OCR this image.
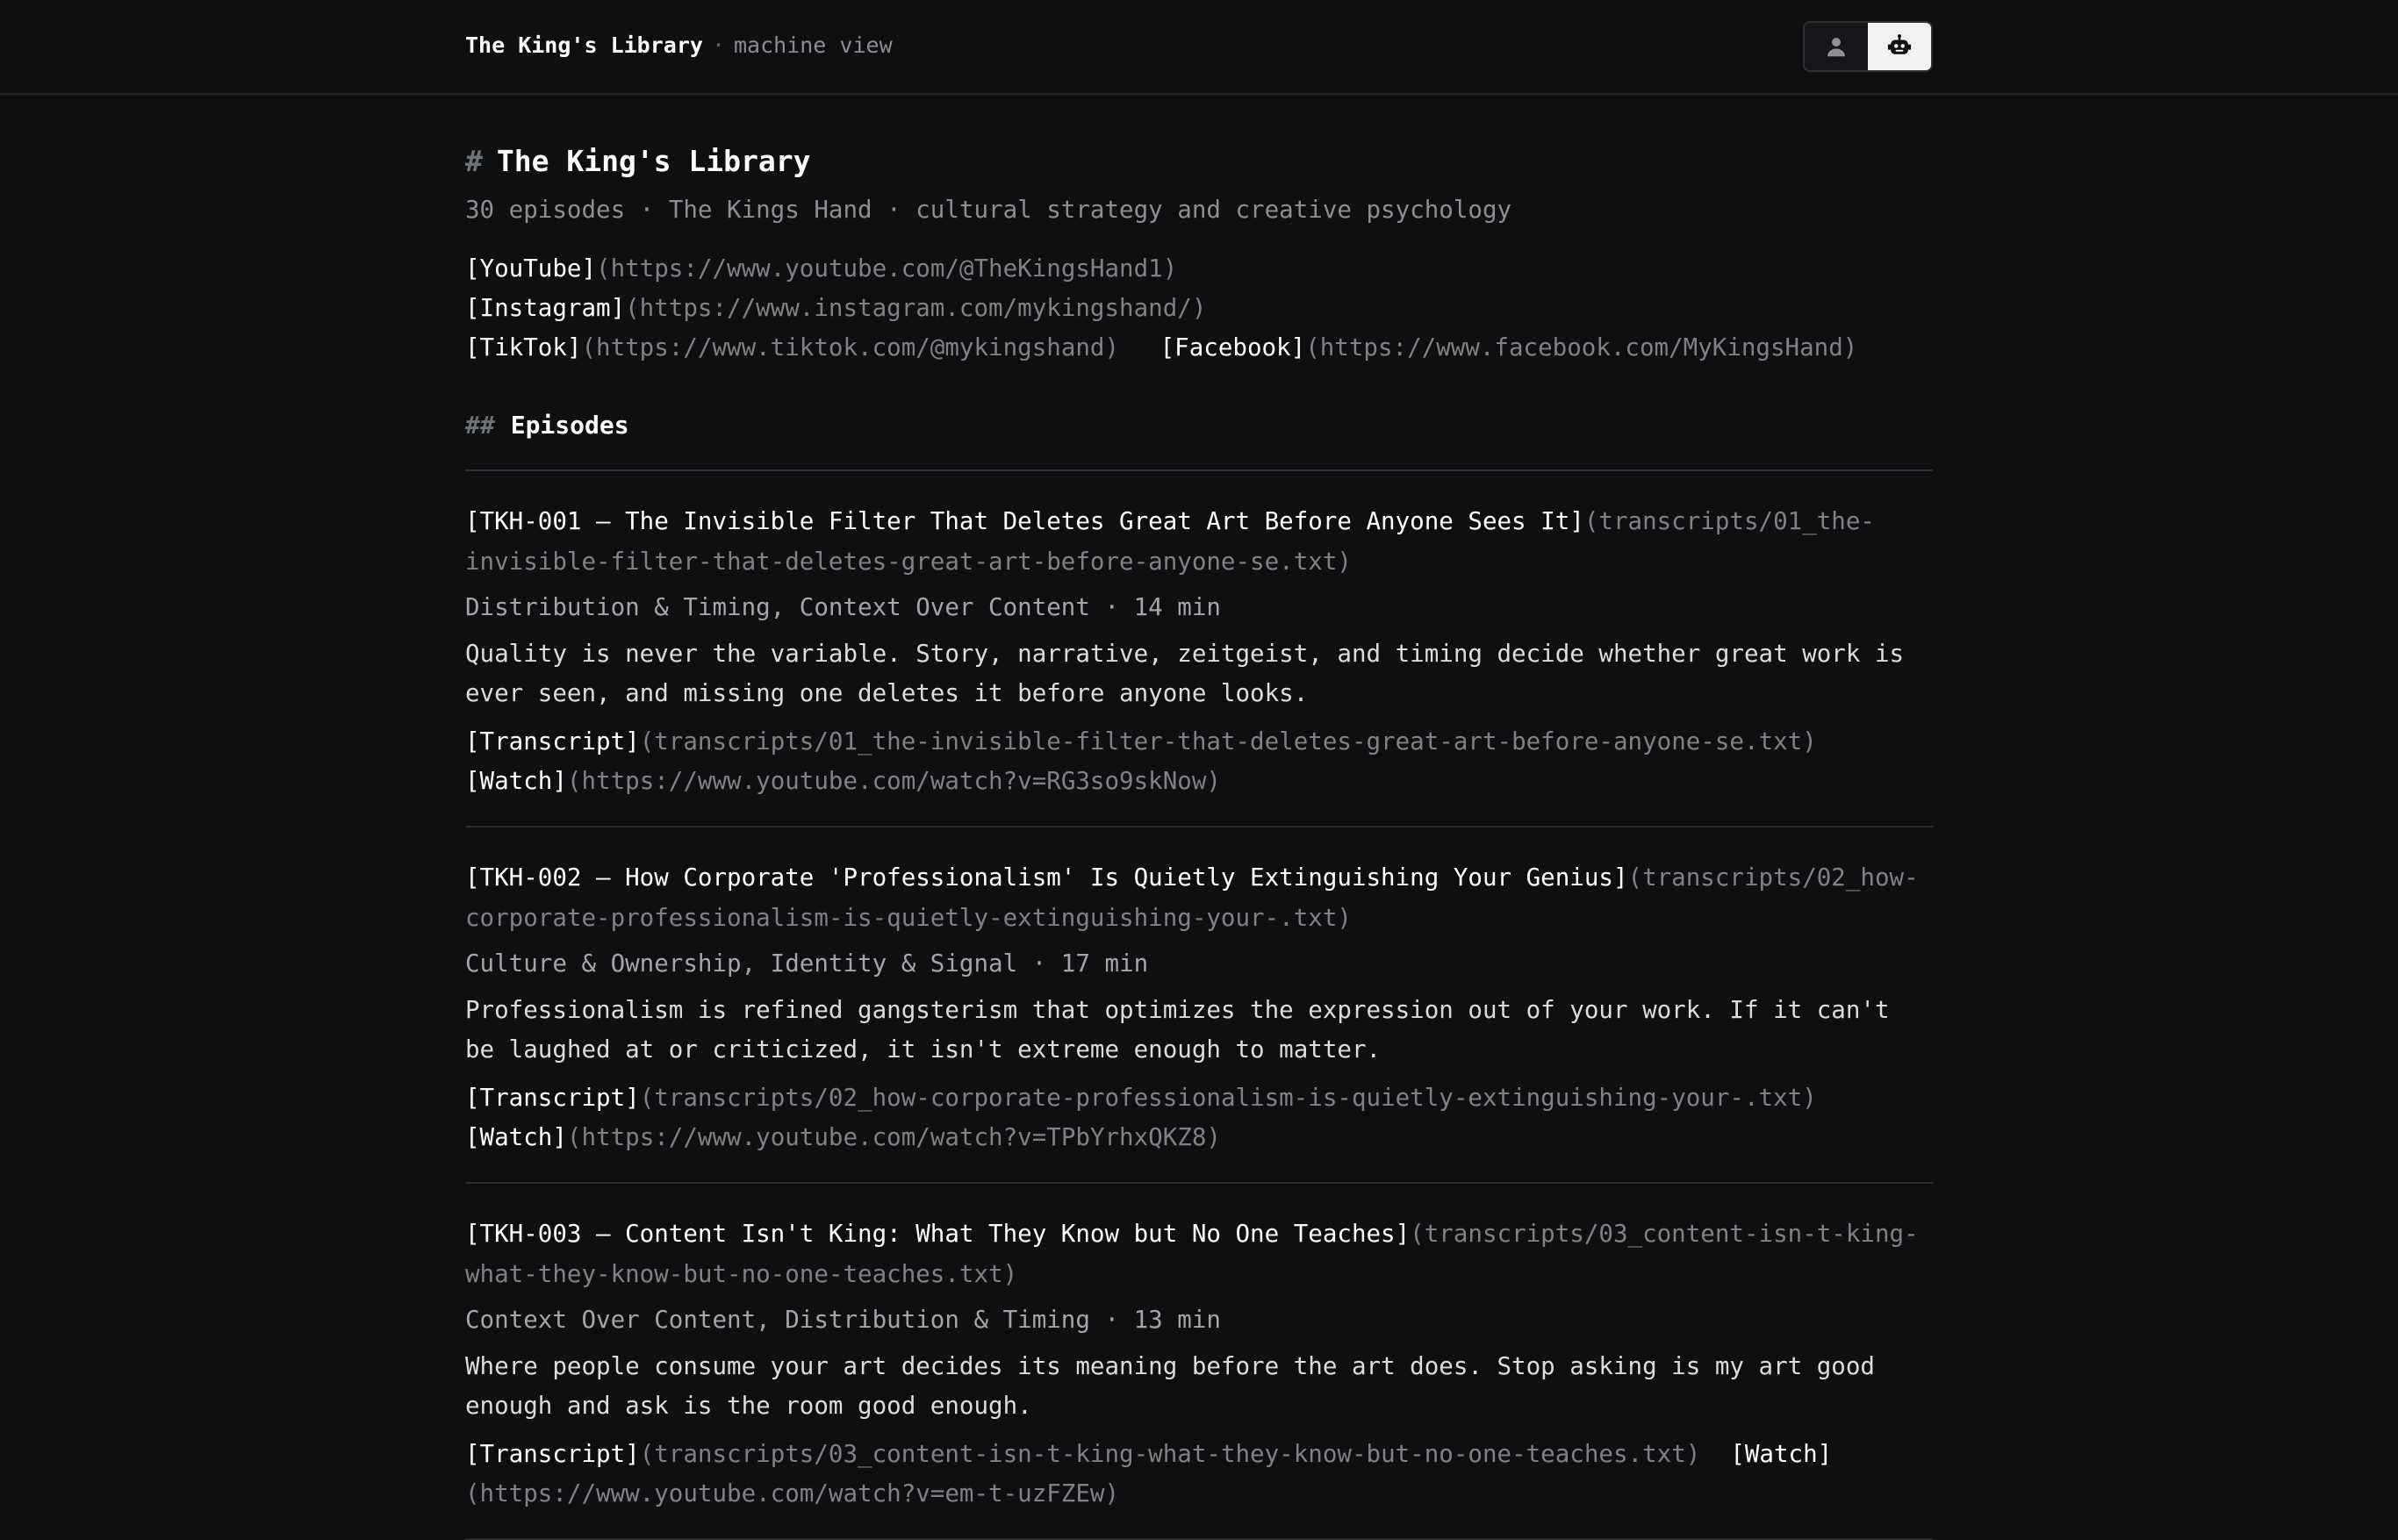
The King's Library · machine view
# The King's Library
30 episodes · The Kings Hand · cultural strategy and creative psychology
[YouTube](https://www.youtube.com/@TheKingsHand1) [Instagram](https://www.instagram.com/mykingshand/)
[TikTok](https://www.tiktok.com/@mykingshand) [Facebook](https://www.facebook.com/MyKingsHand)
## Episodes
[TKH-001 — The Invisible Filter That Deletes Great Art Before Anyone Sees It](transcripts/01_the-invisible-filter-that-deletes-great-art-before-anyone-se.txt)
Distribution & Timing, Context Over Content · 14 min
Quality is never the variable. Story, narrative, zeitgeist, and timing decide whether great work is ever seen, and missing one deletes it before anyone looks.
[Transcript](transcripts/01_the-invisible-filter-that-deletes-great-art-before-anyone-se.txt)[Watch](https://www.youtube.com/watch?v=RG3so9skNow)
[TKH-002 — How Corporate 'Professionalism' Is Quietly Extinguishing Your Genius](transcripts/02_how-corporate-professionalism-is-quietly-extinguishing-your-.txt)
Culture & Ownership, Identity & Signal · 17 min
Professionalism is refined gangsterism that optimizes the expression out of your work. If it can't be laughed at or criticized, it isn't extreme enough to matter.
[Transcript](transcripts/02_how-corporate-professionalism-is-quietly-extinguishing-your-.txt)[Watch](https://www.youtube.com/watch?v=TPbYrhxQKZ8)
[TKH-003 — Content Isn't King: What They Know but No One Teaches](transcripts/03_content-isn-t-king-what-they-know-but-no-one-teaches.txt)
Context Over Content, Distribution & Timing · 13 min
Where people consume your art decides its meaning before the art does. Stop asking is my art good enough and ask is the room good enough.
[Transcript](transcripts/03_content-isn-t-king-what-they-know-but-no-one-teaches.txt) [Watch](https://www.youtube.com/watch?v=em-t-uzFZEw)
